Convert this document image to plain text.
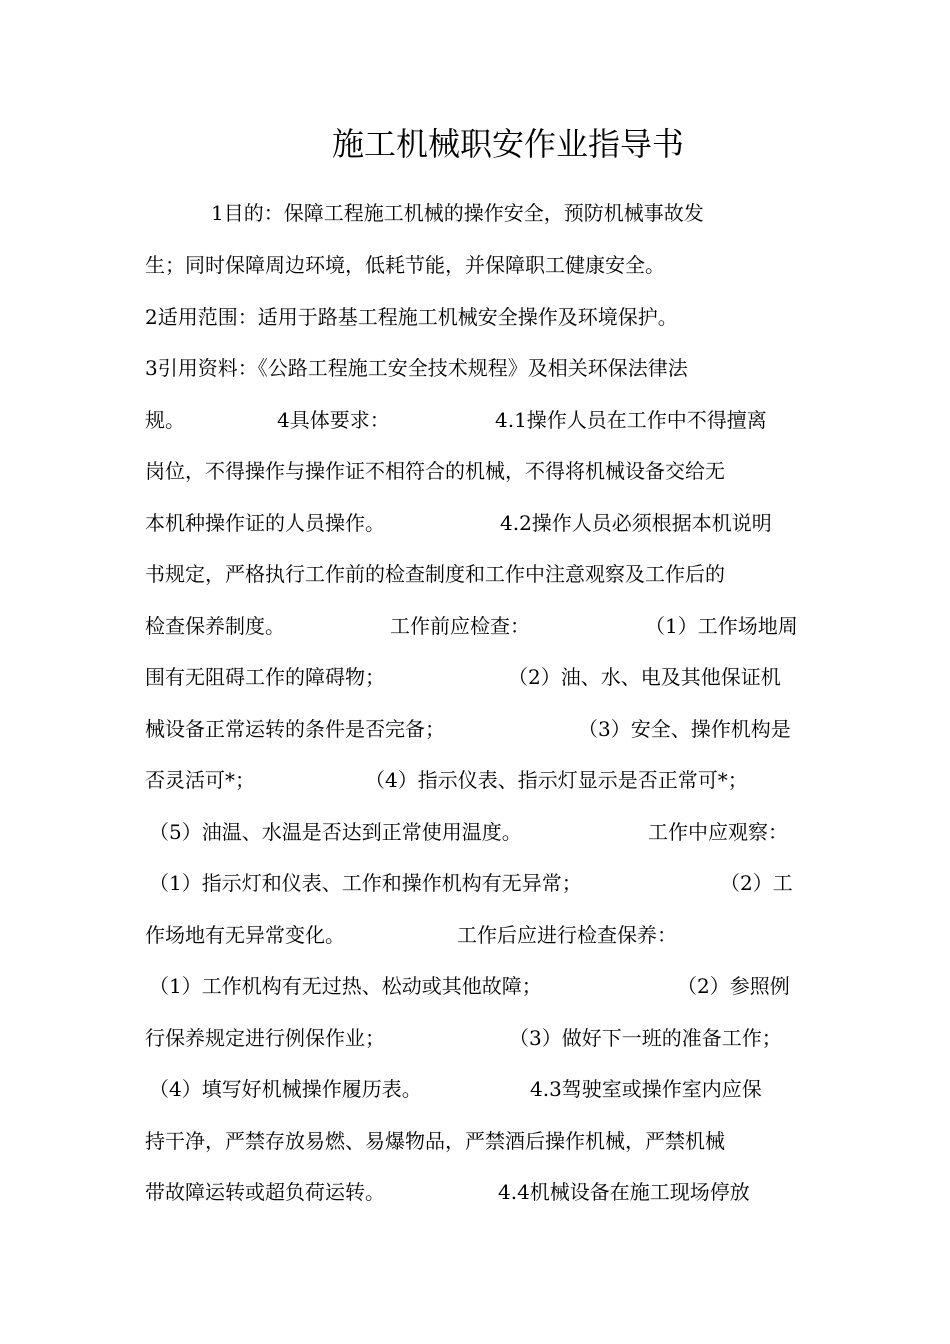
施工机械职安作业指导书
1目的：保障工程施工机械的操作安全，预防机械事故发
生；同时保障周边环境，低耗节能，并保障职工健康安全。
2适用范围：适用于路基工程施工机械安全操作及环境保护。
3引用资料：《公路工程施工安全技术规程》及相关环保法律法
规。	4具体要求：	4.1操作人员在工作中不得擅离
岗位，不得操作与操作证不相符合的机械，不得将机械设备交给无
本机种操作证的人员操作。	4.2操作人员必须根据本机说明
书规定，严格执行工作前的检查制度和工作中注意观察及工作后的
检查保养制度。	工作前应检查：	（1）工作场地周
围有无阻碍工作的障碍物；	（2）油、水、电及其他保证机
械设备正常运转的条件是否完备；	（3）安全、操作机构是
否灵活可*；	（4）指示仪表、指示灯显示是否正常可*；
（5）油温、水温是否达到正常使用温度。	工作中应观察：
（1）指示灯和仪表、工作和操作机构有无异常；	（2）工
作场地有无异常变化。	工作后应进行检查保养：
（1）工作机构有无过热、松动或其他故障；	（2）参照例
行保养规定进行例保作业；	（3）做好下一班的准备工作；
（4）填写好机械操作履历表。	4.3驾驶室或操作室内应保
持干净，严禁存放易燃、易爆物品，严禁酒后操作机械，严禁机械
带故障运转或超负荷运转。	4.4机械设备在施工现场停放
